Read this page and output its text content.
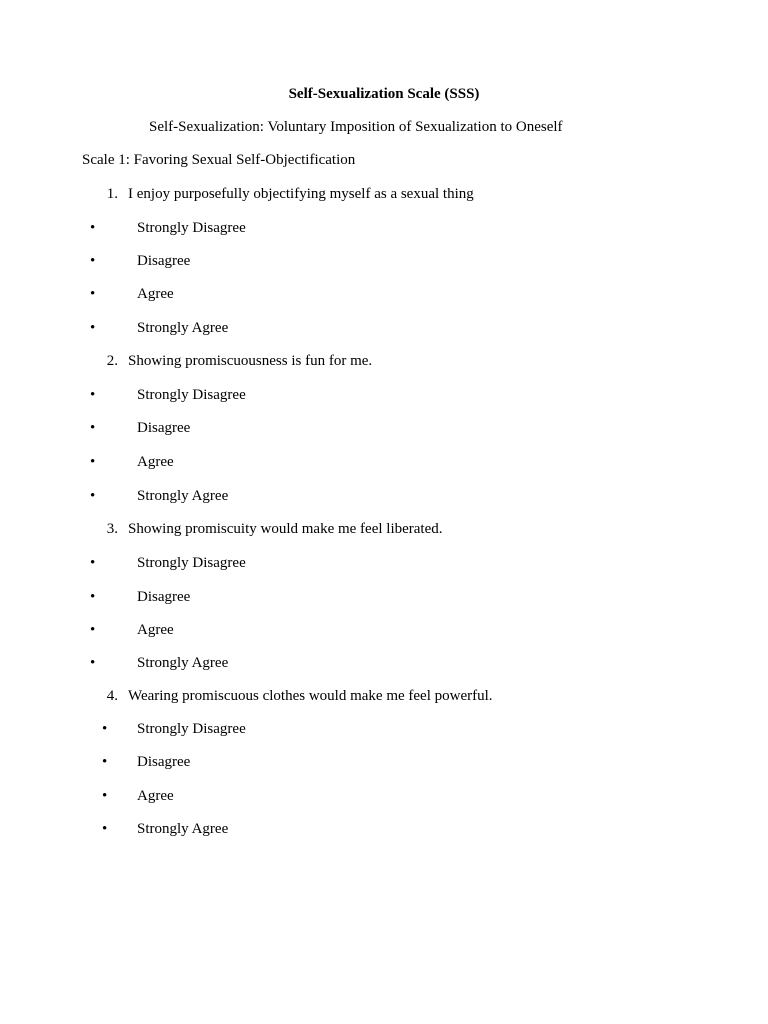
Self-Sexualization Scale (SSS)
Self-Sexualization: Voluntary Imposition of Sexualization to Oneself
Scale 1: Favoring Sexual Self-Objectification
1. I enjoy purposefully objectifying myself as a sexual thing
•	Strongly Disagree
•	Disagree
•	Agree
•	Strongly Agree
2. Showing promiscuousness is fun for me.
•	Strongly Disagree
•	Disagree
•	Agree
•	Strongly Agree
3. Showing promiscuity would make me feel liberated.
•	Strongly Disagree
•	Disagree
•	Agree
•	Strongly Agree
4. Wearing promiscuous clothes would make me feel powerful.
• Strongly Disagree
• Disagree
• Agree
• Strongly Agree
